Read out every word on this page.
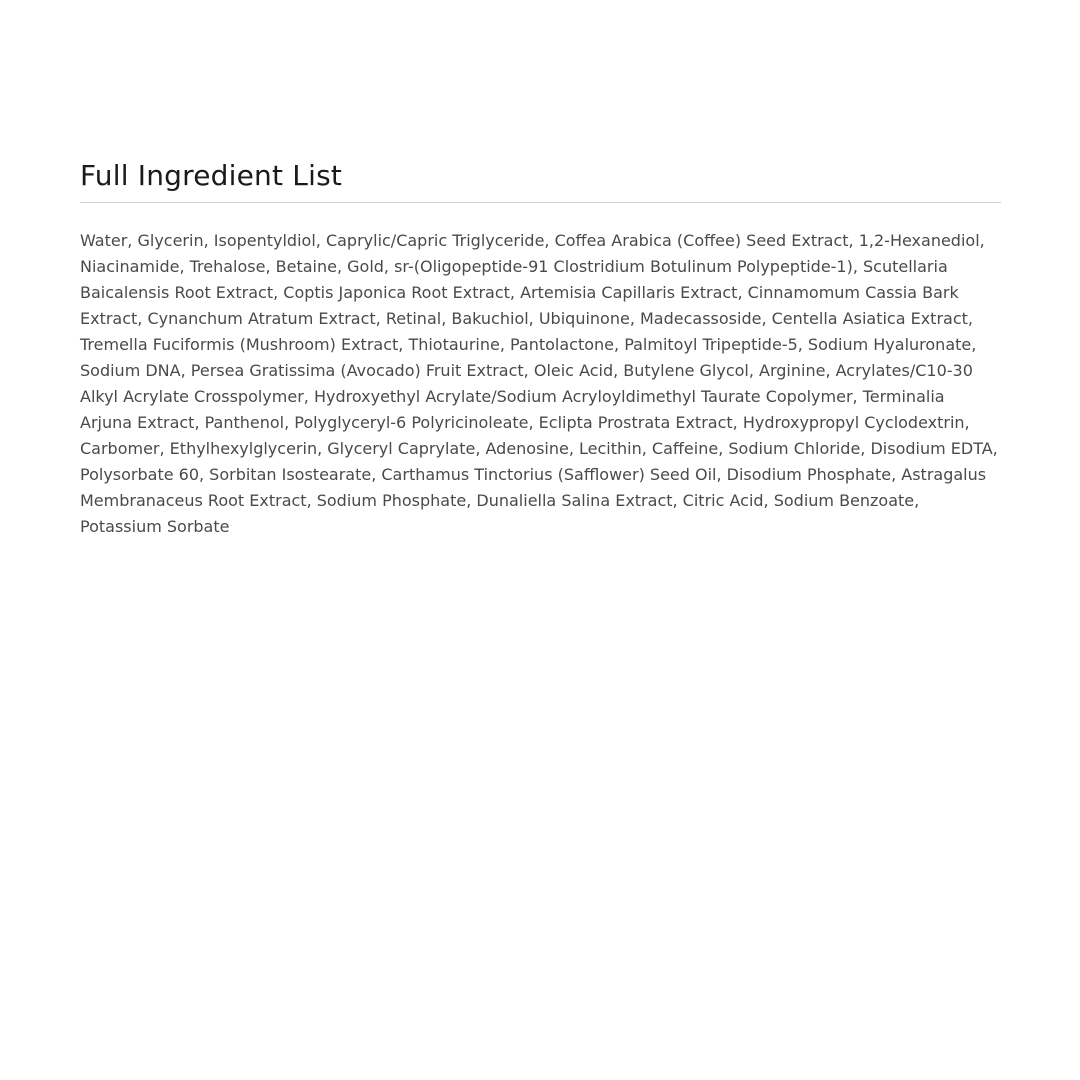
Full Ingredient List

Water, Glycerin, Isopentyldiol, Caprylic/Capric Triglyceride, Coffea Arabica (Coffee) Seed Extract, 1,2-Hexanediol, Niacinamide, Trehalose, Betaine, Gold, sr-(Oligopeptide-91 Clostridium Botulinum Polypeptide-1), Scutellaria Baicalensis Root Extract, Coptis Japonica Root Extract, Artemisia Capillaris Extract, Cinnamomum Cassia Bark Extract, Cynanchum Atratum Extract, Retinal, Bakuchiol, Ubiquinone, Madecassoside, Centella Asiatica Extract, Tremella Fuciformis (Mushroom) Extract, Thiotaurine, Pantolactone, Palmitoyl Tripeptide-5, Sodium Hyaluronate, Sodium DNA, Persea Gratissima (Avocado) Fruit Extract, Oleic Acid, Butylene Glycol, Arginine, Acrylates/C10-30 Alkyl Acrylate Crosspolymer, Hydroxyethyl Acrylate/Sodium Acryloyldimethyl Taurate Copolymer, Terminalia Arjuna Extract, Panthenol, Polyglyceryl-6 Polyricinoleate, Eclipta Prostrata Extract, Hydroxypropyl Cyclodextrin, Carbomer, Ethylhexylglycerin, Glyceryl Caprylate, Adenosine, Lecithin, Caffeine, Sodium Chloride, Disodium EDTA, Polysorbate 60, Sorbitan Isostearate, Carthamus Tinctorius (Safflower) Seed Oil, Disodium Phosphate, Astragalus Membranaceus Root Extract, Sodium Phosphate, Dunaliella Salina Extract, Citric Acid, Sodium Benzoate, Potassium Sorbate
